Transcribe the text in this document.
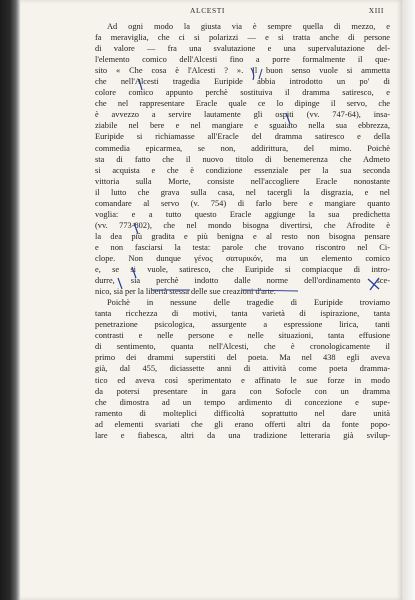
ALCESTI	XIII
Ad ogni modo la giusta via è sempre quella di mezzo, e
fa meraviglia, che ci si polarizzi — e si tratta anche di persone
di valore — fra una svalutazione e una supervalutazione del-
l'elemento comico dell'Alcesti fino a porre formalmente il que-
sito « Che cosa è l'Alcesti ? ». Il buon senso vuole si ammetta
che nell'Alcesti tragedia Euripide abbia introdotto un po' di
colore comico appunto perchè sostituiva il dramma satiresco, e
che nel rappresentare Eracle quale ce lo dipinge il servo, che
è avvezzo a servire lautamente gli ospiti (vv. 747-64), insa-
ziabile nel bere e nel mangiare e sguaiato nella sua ebbrezza,
Euripide si richiamasse all'Eracle del dramma satiresco e della
commedia epicarmea, se non, addirittura, del mimo. Poichè
sta di fatto che il nuovo titolo di benemerenza che Admeto
si acquista e che è condizione essenziale per la sua seconda
vittoria sulla Morte, consiste nell'accogliere Eracle nonostante
il lutto che grava sulla casa, nel tacergli la disgrazia, e nel
comandare al servo (v. 754) di farlo bere e mangiare quanto
voglia: e a tutto questo Eracle aggiunge la sua predichetta
(vv. 773-802), che nel mondo bisogna divertirsi, che Afrodite è
la dea più gradita e più benigna e al resto non bisogna pensare
e non fasciarsi la testa: parole che trovano riscontro nel Ci-
clope. Non dunque γένος σατυρικόν, ma un elemento comico
e, se si vuole, satiresco, che Euripide si compiacque di intro-
durre, sia perchè indotto dalle norme dell'ordinamento sce-
nico, sia per la libertà stessa delle sue creazioni d'arte.
Poichè in nessune delle tragedie di Euripide troviamo
tanta ricchezza di motivi, tanta varietà di ispirazione, tanta
penetrazione psicologica, assurgente a espressione lirica, tanti
contrasti e nelle persone e nelle situazioni, tanta effusione
di sentimento, quanta nell'Alcesti, che è cronologicamente il
primo dei drammi superstiti del poeta. Ma nel 438 egli aveva
già, dal 455, diciassette anni di attività come poeta dramma-
tico ed aveva così sperimentato e affinato le sue forze in modo
da potersi presentare in gara con Sofocle con un dramma
che dimostra ad un tempo ardimento di concezione e supe-
ramento di molteplici difficoltà soprattutto nel dare unità
ad elementi svariati che gli erano offerti altri da fonte popo-
lare e fiabesca, altri da una tradizione letteraria già svilup-
